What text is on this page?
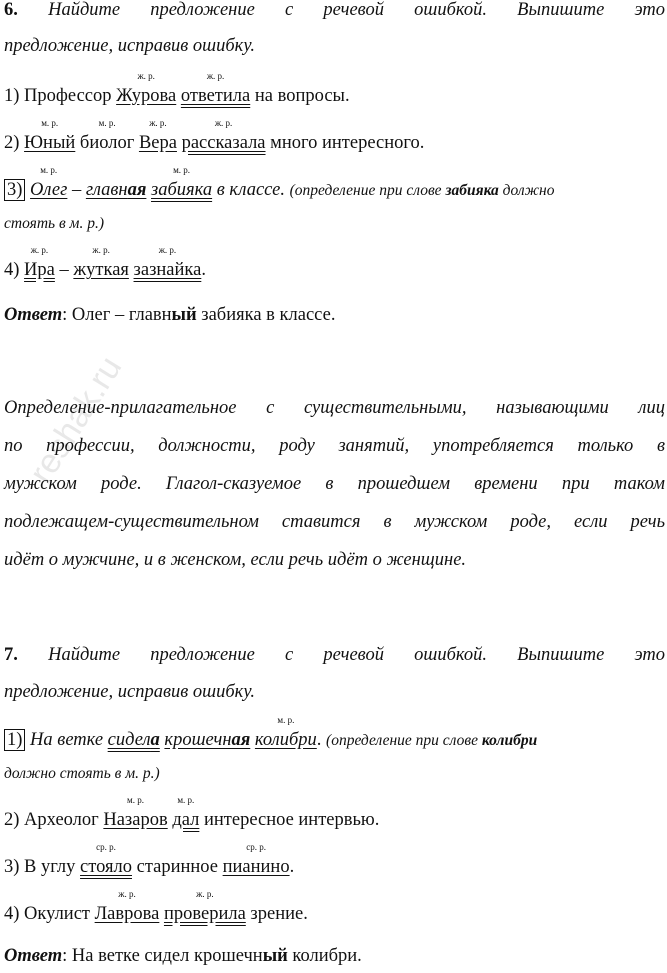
reshak.ru
6. Найдите предложение с речевой ошибкой. Выпишите это
предложение, исправив ошибку.
1) Профессор
ж. р.
Журова
ж. р.
ответила на вопросы.
2)
м. р.
Юный
м. р.
биолог
ж. р.
Вера
ж. р.
рассказала много интересного.
3)
м. р.
Олег – главная
м. р.
забияка в классе. (определение при слове забияка должно
стоять в м. р.)
4)
ж. р.
Ира –
ж. р.
жуткая
ж. р.
зазнайка.
Ответ: Олег – главный забияка в классе.
Определение-прилагательное с существительными, называющими лиц
по профессии, должности, роду занятий, употребляется только в
мужском роде. Глагол-сказуемое в прошедшем времени при таком
подлежащем-существительном ставится в мужском роде, если речь
идёт о мужчине, и в женском, если речь идёт о женщине.
7. Найдите предложение с речевой ошибкой. Выпишите это
предложение, исправив ошибку.
1) На ветке сидела крошечная
м. р.
колибри. (определение при слове колибри
должно стоять в м. р.)
2) Археолог
м. р.
Назаров
м. р.
дал интересное интервью.
3) В углу
ср. р.
стояло старинное
ср. р.
пианино.
4) Окулист
ж. р.
Лаврова
ж. р.
проверила зрение.
Ответ: На ветке сидел крошечный колибри.
